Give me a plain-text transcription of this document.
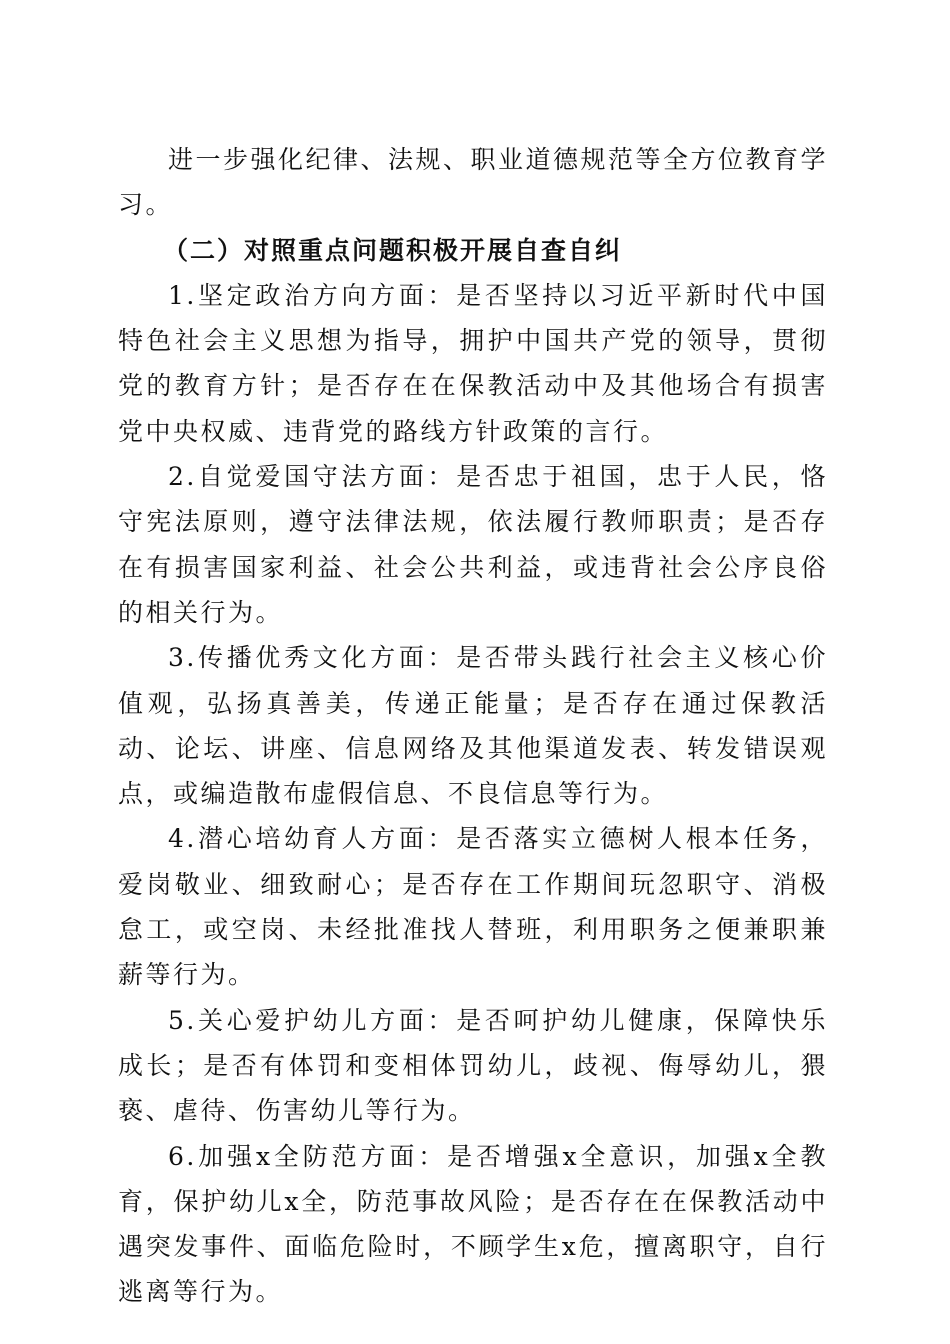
进一步强化纪律、法规、职业道德规范等全方位教育学习。

（二）对照重点问题积极开展自查自纠

1.坚定政治方向方面：是否坚持以习近平新时代中国特色社会主义思想为指导，拥护中国共产党的领导，贯彻党的教育方针；是否存在在保教活动中及其他场合有损害党中央权威、违背党的路线方针政策的言行。

2.自觉爱国守法方面：是否忠于祖国，忠于人民，恪守宪法原则，遵守法律法规，依法履行教师职责；是否存在有损害国家利益、社会公共利益，或违背社会公序良俗的相关行为。

3.传播优秀文化方面：是否带头践行社会主义核心价值观，弘扬真善美，传递正能量；是否存在通过保教活动、论坛、讲座、信息网络及其他渠道发表、转发错误观点，或编造散布虚假信息、不良信息等行为。

4.潜心培幼育人方面：是否落实立德树人根本任务，爱岗敬业、细致耐心；是否存在工作期间玩忽职守、消极怠工，或空岗、未经批准找人替班，利用职务之便兼职兼薪等行为。

5.关心爱护幼儿方面：是否呵护幼儿健康，保障快乐成长；是否有体罚和变相体罚幼儿，歧视、侮辱幼儿，猥亵、虐待、伤害幼儿等行为。

6.加强x全防范方面：是否增强x全意识，加强x全教育，保护幼儿x全，防范事故风险；是否存在在保教活动中遇突发事件、面临危险时，不顾学生x危，擅离职守，自行逃离等行为。
